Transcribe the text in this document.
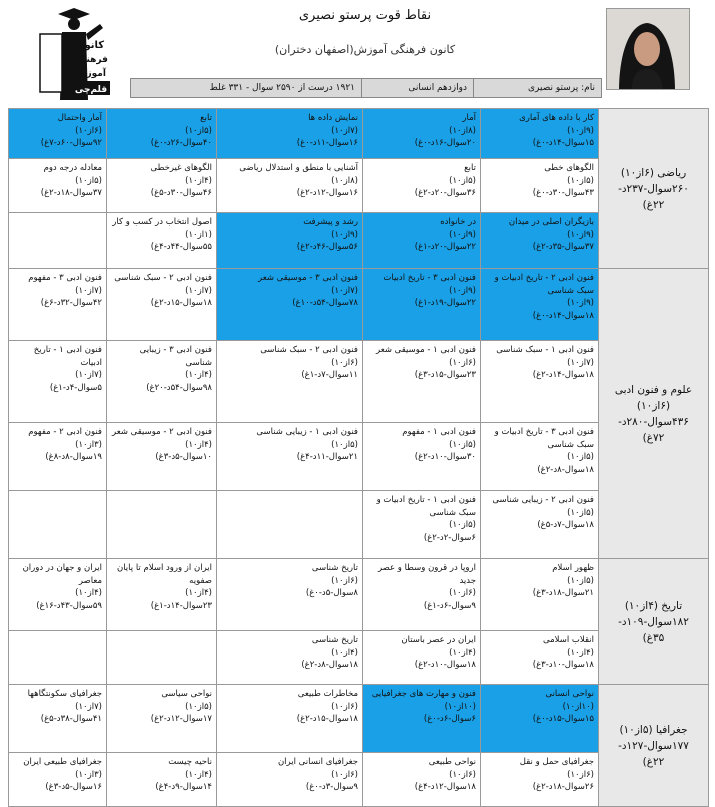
کانون
فرهنگی
آموزش
قلم‌چی
نقاط قوت پرستو نصیری
کانون فرهنگی آموزش(اصفهان دختران)
نام: پرستو نصیری
دوازدهم انسانی
۱۹۲۱ درست از ۲۵۹۰ سوال - ۳۳۱ غلط
ریاضی (۶از۱۰)
۲۶۰سوال-۲۳۷د-
۲۲غ)	کار با داده های آماری
(۹از۱۰)
۱۵سوال-۱۴د-۰غ)	آمار
(۸از۱۰)
۲۰سوال-۱۶د-۰غ)	نمایش داده ها
(۷از۱۰)
۱۶سوال-۱۱د-۰غ)	تابع
(۵از۱۰)
۴۰سوال-۲۶د-۰غ)	آمار واحتمال
(۶از۱۰)
۹۲سوال-۶۰د-۷غ)

	الگوهای خطی
(۵از۱۰)
۴۳سوال-۳۰د-۰غ)	تابع
(۵از۱۰)
۳۶سوال-۲۰د-۲غ)	آشنایی با منطق و استدلال ریاضی
(۸از۱۰)
۱۶سوال-۱۲د-۲غ)	الگوهای غیرخطی
(۴از۱۰)
۴۶سوال-۳۰د-۵غ)	معادله درجه دوم
(۵از۱۰)
۳۷سوال-۱۸د-۲غ)

	بازیگران اصلی در میدان
(۹از۱۰)
۳۷سوال-۳۵د-۲غ)	در خانواده
(۹از۱۰)
۲۲سوال-۲۰د-۱غ)	رشد و پیشرفت
(۹از۱۰)
۵۶سوال-۴۶د-۲غ)	اصول انتخاب در کسب و کار
(۱از۱۰)
۵۵سوال-۴۴د-۴غ)	

علوم و فنون ادبی
(۶از۱۰)
۴۳۶سوال-۲۸۰د-
۷۲غ)	فنون ادبی ۲ - تاریخ ادبیات و سبک شناسی
(۹از۱۰)
۱۸سوال-۱۴د-۰غ)	فنون ادبی ۳ - تاریخ ادبیات
(۹از۱۰)
۲۲سوال-۱۹د-۱غ)	فنون ادبی ۳ - موسیقی شعر
(۷از۱۰)
۷۸سوال-۵۴د-۱۰غ)	فنون ادبی ۲ - سبک شناسی
(۷از۱۰)
۱۸سوال-۱۵د-۲غ)	فنون ادبی ۳ - مفهوم
(۷از۱۰)
۴۲سوال-۳۲د-۶غ)

	فنون ادبی ۱ - سبک شناسی
(۷از۱۰)
۱۸سوال-۱۴د-۲غ)	فنون ادبی ۱ - موسیقی شعر
(۶از۱۰)
۲۳سوال-۱۵د-۳غ)	فنون ادبی ۲ - سبک شناسی
(۶از۱۰)
۱۱سوال-۷د-۱غ)	فنون ادبی ۳ - زیبایی شناسی
(۴از۱۰)
۹۸سوال-۵۴د-۲۰غ)	فنون ادبی ۱ - تاریخ ادبیات
(۷از۱۰)
۵سوال-۴د-۱غ)

	فنون ادبی ۳ - تاریخ ادبیات و سبک شناسی
(۵از۱۰)
۱۸سوال-۸د-۲غ)	فنون ادبی ۱ - مفهوم
(۵از۱۰)
۳۰سوال-۱۰د-۲غ)	فنون ادبی ۱ - زیبایی شناسی
(۵از۱۰)
۲۱سوال-۱۱د-۴غ)	فنون ادبی ۲ - موسیقی شعر
(۴از۱۰)
۱۰سوال-۵د-۳غ)	فنون ادبی ۲ - مفهوم
(۳از۱۰)
۱۹سوال-۸د-۸غ)

	فنون ادبی ۲ - زیبایی شناسی
(۵از۱۰)
۱۸سوال-۷د-۵غ)	فنون ادبی ۱ - تاریخ ادبیات و سبک شناسی
(۵از۱۰)
۶سوال-۲د-۲غ)			

تاریخ (۴از۱۰)
۱۸۲سوال-۱۰۹د-
۳۵غ)	ظهور اسلام
(۵از۱۰)
۲۱سوال-۱۸د-۳غ)	اروپا در قرون وسطا و عصر جدید
(۶از۱۰)
۹سوال-۶د-۱غ)	تاریخ شناسی
(۶از۱۰)
۸سوال-۵د-۰غ)	ایران از ورود اسلام تا پایان صفویه
(۴از۱۰)
۲۳سوال-۱۴د-۱غ)	ایران و جهان در دوران معاصر
(۴از۱۰)
۵۹سوال-۴۳د-۱۶غ)

	انقلاب اسلامی
(۴از۱۰)
۱۸سوال-۱۰د-۳غ)	ایران در عصر باستان
(۴از۱۰)
۱۸سوال-۱۰د-۲غ)	تاریخ شناسی
(۴از۱۰)
۱۸سوال-۸د-۲غ)		

جغرافیا (۵از۱۰)
۱۷۷سوال-۱۲۷د-
۲۲غ)	نواحی انسانی
(۱۰از۱۰)
۱۵سوال-۱۵د-۰غ)	فنون و مهارت های جغرافیایی
(۱۰از۱۰)
۶سوال-۶د-۰غ)	مخاطرات طبیعی
(۶از۱۰)
۱۸سوال-۱۵د-۲غ)	نواحی سیاسی
(۵از۱۰)
۱۷سوال-۱۲د-۲غ)	جغرافیای سکونتگاهها
(۷از۱۰)
۴۱سوال-۳۸د-۵غ)

	جغرافیای حمل و نقل
(۶از۱۰)
۲۶سوال-۱۸د-۲غ)	نواحی طبیعی
(۶از۱۰)
۱۸سوال-۱۲د-۴غ)	جغرافیای انسانی ایران
(۶از۱۰)
۹سوال-۳د-۰غ)	ناحیه چیست
(۴از۱۰)
۱۴سوال-۹د-۴غ)	جغرافیای طبیعی ایران
(۳از۱۰)
۱۶سوال-۵د-۳غ)
